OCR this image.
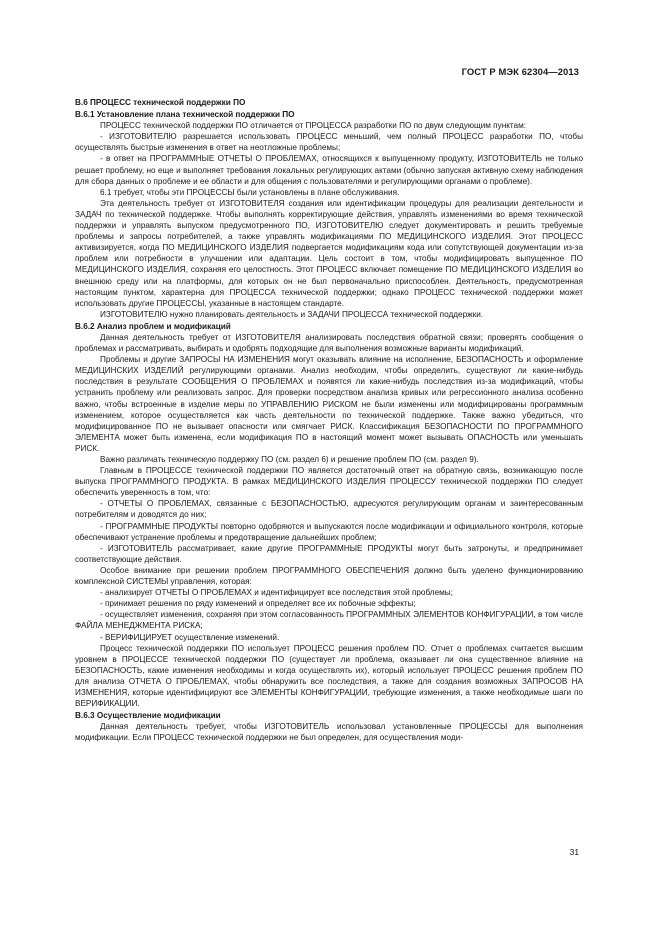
ГОСТ Р МЭК 62304—2013

B.6 ПРОЦЕСС технической поддержки ПО

B.6.1 Установление плана технической поддержки ПО

ПРОЦЕСС технической поддержки ПО отличается от ПРОЦЕССА разработки ПО по двум следующим пунктам:

- ИЗГОТОВИТЕЛЮ разрешается использовать ПРОЦЕСС меньший, чем полный ПРОЦЕСС разработки ПО, чтобы осуществлять быстрые изменения в ответ на неотложные проблемы;

- в ответ на ПРОГРАММНЫЕ ОТЧЕТЫ О ПРОБЛЕМАХ, относящихся к выпущенному продукту, ИЗГОТОВИТЕЛЬ не только решает проблему, но еще и выполняет требования локальных регулирующих актами (обычно запуская активную схему наблюдения для сбора данных о проблеме и ее области и для общения с пользователями и регулирующими органами о проблеме).

6.1 требует, чтобы эти ПРОЦЕССЫ были установлены в плане обслуживания.

Эта деятельность требует от ИЗГОТОВИТЕЛЯ создания или идентификации процедуры для реализации деятельности и ЗАДАЧ по технической поддержке. Чтобы выполнять корректирующие действия, управлять изменениями во время технической поддержки и управлять выпуском предусмотренного ПО, ИЗГОТОВИТЕЛЮ следует документировать и решить требуемые проблемы и запросы потребителей, а также управлять модификациями ПО МЕДИЦИНСКОГО ИЗДЕЛИЯ. Этот ПРОЦЕСС активизируется, когда ПО МЕДИЦИНСКОГО ИЗДЕЛИЯ подвергается модификациям кода или сопутствующей документации из-за проблем или потребности в улучшении или адаптации. Цель состоит в том, чтобы модифицировать выпущенное ПО МЕДИЦИНСКОГО ИЗДЕЛИЯ, сохраняя его целостность. Этот ПРОЦЕСС включает помещение ПО МЕДИЦИНСКОГО ИЗДЕЛИЯ во внешнюю среду или на платформы, для которых он не был первоначально приспособлен. Деятельность, предусмотренная настоящим пунктом, характерна для ПРОЦЕССА технической поддержки; однако ПРОЦЕСС технической поддержки может использовать другие ПРОЦЕССЫ, указанные в настоящем стандарте.

ИЗГОТОВИТЕЛЮ нужно планировать деятельность и ЗАДАЧИ ПРОЦЕССА технической поддержки.

B.6.2 Анализ проблем и модификаций

Данная деятельность требует от ИЗГОТОВИТЕЛЯ анализировать последствия обратной связи; проверять сообщения о проблемах и рассматривать, выбирать и одобрять подходящие для выполнения возможные варианты модификаций.

Проблемы и другие ЗАПРОСЫ НА ИЗМЕНЕНИЯ могут оказывать влияние на исполнение, БЕЗОПАСНОСТЬ и оформление МЕДИЦИНСКИХ ИЗДЕЛИЙ регулирующими органами. Анализ необходим, чтобы определить, существуют ли какие-нибудь последствия в результате СООБЩЕНИЯ О ПРОБЛЕМАХ и появятся ли какие-нибудь последствия из-за модификаций, чтобы устранить проблему или реализовать запрос. Для проверки посредством анализа кривых или регрессионного анализа особенно важно, чтобы встроенные в изделие меры по УПРАВЛЕНИЮ РИСКОМ не были изменены или модифицированы программным изменением, которое осуществляется как часть деятельности по технической поддержке. Также важно убедиться, что модифицированное ПО не вызывает опасности или смягчает РИСК. Классификация БЕЗОПАСНОСТИ ПО ПРОГРАММНОГО ЭЛЕМЕНТА может быть изменена, если модификация ПО в настоящий момент может вызывать ОПАСНОСТЬ или уменьшать РИСК.

Важно различать техническую поддержку ПО (см. раздел 6) и решение проблем ПО (см. раздел 9).

Главным в ПРОЦЕССЕ технической поддержки ПО является достаточный ответ на обратную связь, возникающую после выпуска ПРОГРАММНОГО ПРОДУКТА. В рамках МЕДИЦИНСКОГО ИЗДЕЛИЯ ПРОЦЕССУ технической поддержки ПО следует обеспечить уверенность в том, что:

- ОТЧЕТЫ О ПРОБЛЕМАХ, связанные с БЕЗОПАСНОСТЬЮ, адресуются регулирующим органам и заинтересованным потребителям и доводятся до них;

- ПРОГРАММНЫЕ ПРОДУКТЫ повторно одобряются и выпускаются после модификации и официального контроля, которые обеспечивают устранение проблемы и предотвращение дальнейших проблем;

- ИЗГОТОВИТЕЛЬ рассматривает, какие другие ПРОГРАММНЫЕ ПРОДУКТЫ могут быть затронуты, и предпринимает соответствующие действия.

Особое внимание при решении проблем ПРОГРАММНОГО ОБЕСПЕЧЕНИЯ должно быть уделено функционированию комплексной СИСТЕМЫ управления, которая:

- анализирует ОТЧЕТЫ О ПРОБЛЕМАХ и идентифицирует все последствия этой проблемы;

- принимает решения по ряду изменений и определяет все их побочные эффекты;

- осуществляет изменения, сохраняя при этом согласованность ПРОГРАММНЫХ ЭЛЕМЕНТОВ КОНФИГУРАЦИИ, в том числе ФАЙЛА МЕНЕДЖМЕНТА РИСКА;

- ВЕРИФИЦИРУЕТ осуществление изменений.

Процесс технической поддержки ПО использует ПРОЦЕСС решения проблем ПО. Отчет о проблемах считается высшим уровнем в ПРОЦЕССЕ технической поддержки ПО (существует ли проблема, оказывает ли она существенное влияние на БЕЗОПАСНОСТЬ, какие изменения необходимы и когда осуществлять их), который использует ПРОЦЕСС решения проблем ПО для анализа ОТЧЕТА О ПРОБЛЕМАХ, чтобы обнаружить все последствия, а также для создания возможных ЗАПРОСОВ НА ИЗМЕНЕНИЯ, которые идентифицируют все ЭЛЕМЕНТЫ КОНФИГУРАЦИИ, требующие изменения, а также необходимые шаги по ВЕРИФИКАЦИИ.

B.6.3 Осуществление модификации

Данная деятельность требует, чтобы ИЗГОТОВИТЕЛЬ использовал установленные ПРОЦЕССЫ для выполнения модификации. Если ПРОЦЕСС технической поддержки не был определен, для осуществления моди-

31
